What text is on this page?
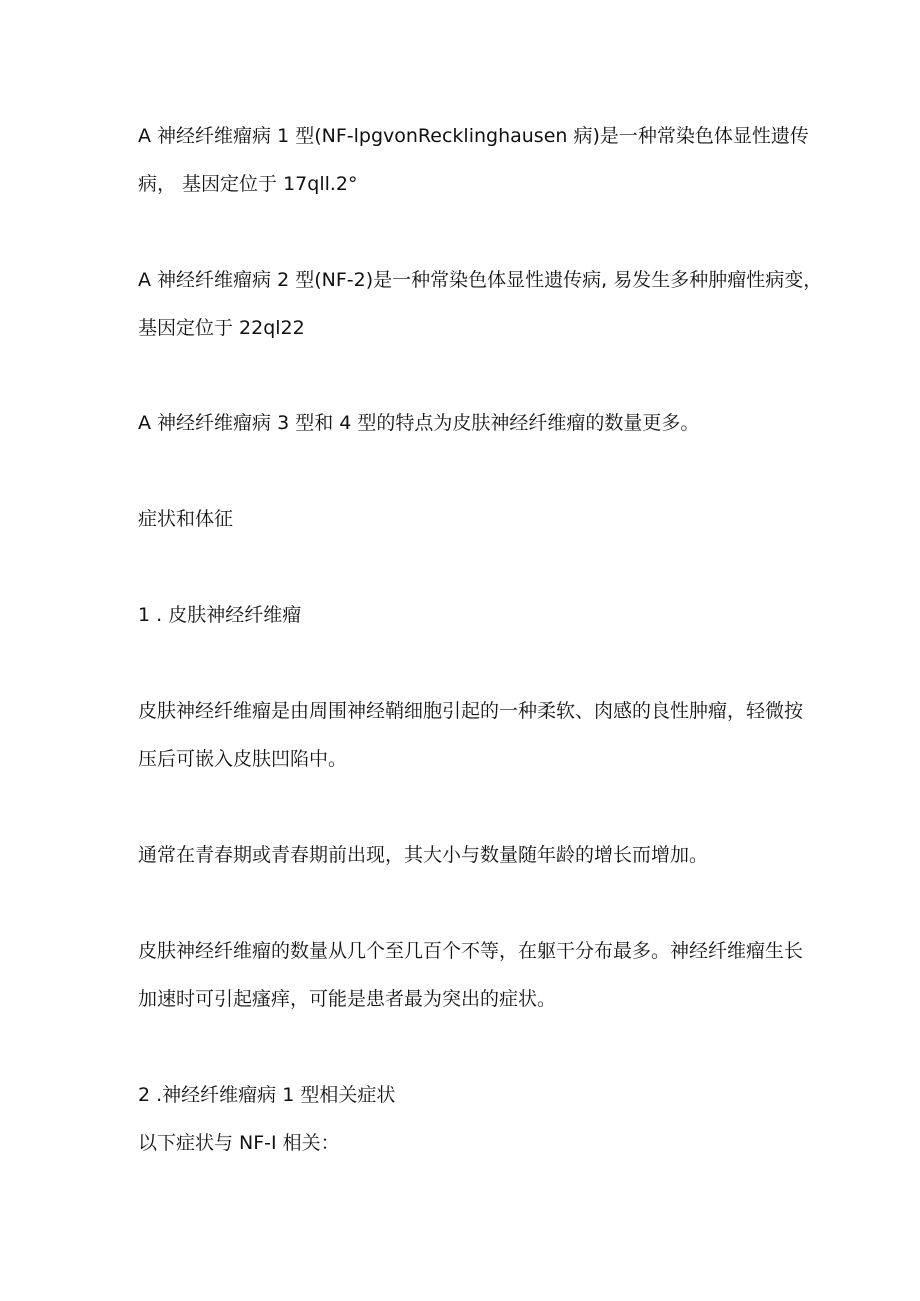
A 神经纤维瘤病 1 型(NF-lpgvonRecklinghausen 病)是一种常染色体显性遗传
病， 基因定位于 17qll.2°
A 神经纤维瘤病 2 型(NF-2)是一种常染色体显性遗传病, 易发生多种肿瘤性病变，
基因定位于 22ql22
A 神经纤维瘤病 3 型和 4 型的特点为皮肤神经纤维瘤的数量更多。
症状和体征
1 . 皮肤神经纤维瘤
皮肤神经纤维瘤是由周围神经鞘细胞引起的一种柔软、肉感的良性肿瘤，轻微按
压后可嵌入皮肤凹陷中。
通常在青春期或青春期前出现，其大小与数量随年龄的增长而增加。
皮肤神经纤维瘤的数量从几个至几百个不等，在躯干分布最多。神经纤维瘤生长
加速时可引起瘙痒，可能是患者最为突出的症状。
2 .神经纤维瘤病 1 型相关症状
以下症状与 NF-I 相关：
